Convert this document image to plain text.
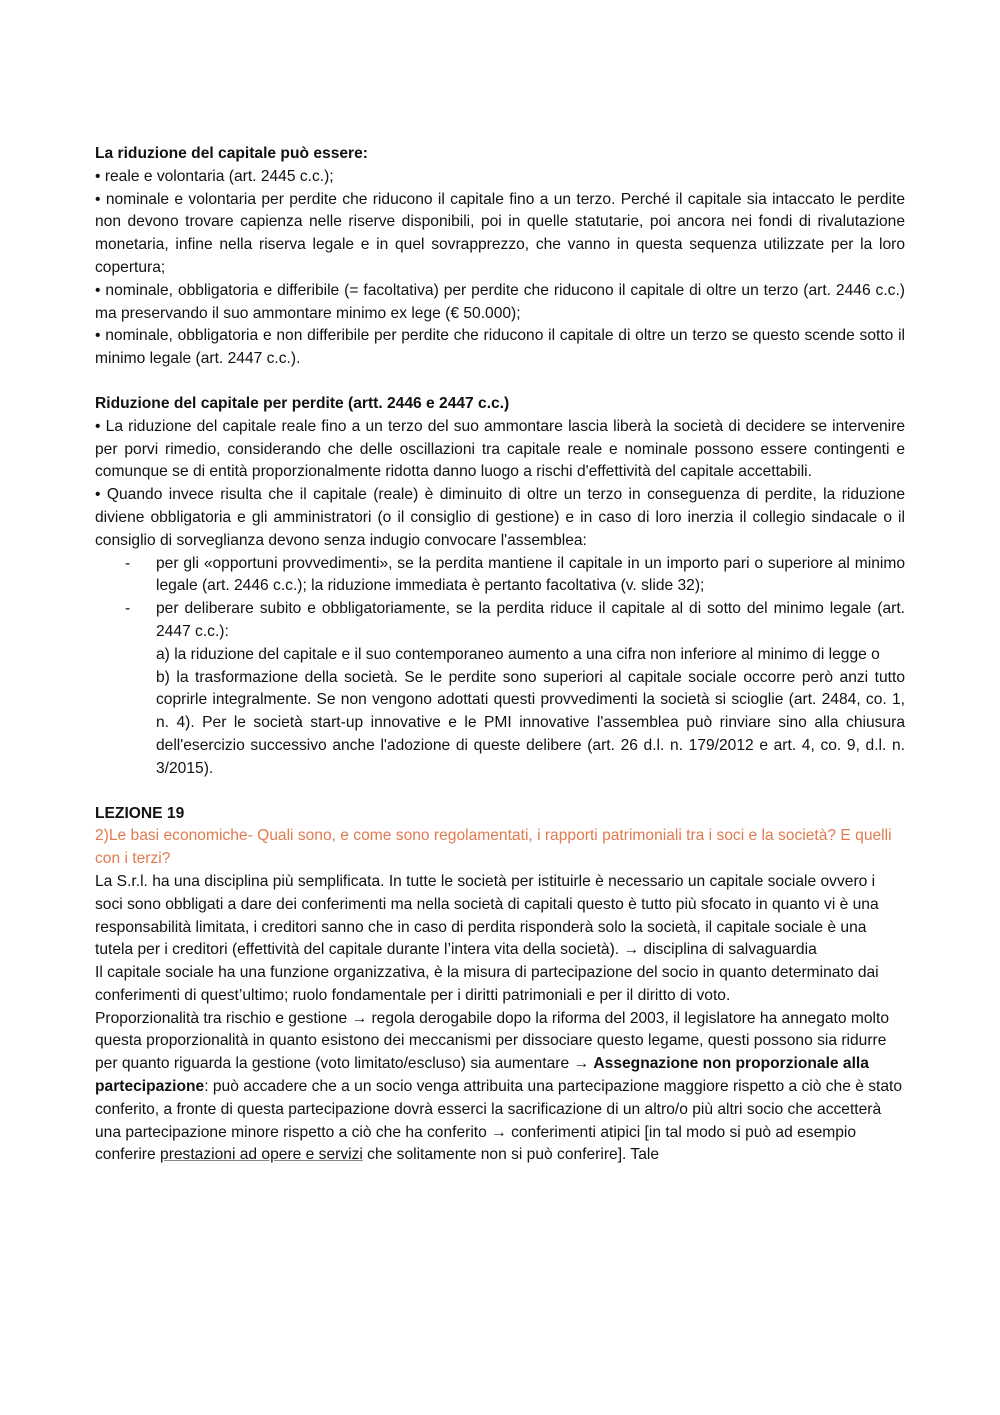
La riduzione del capitale può essere:

• reale e volontaria (art. 2445 c.c.);

• nominale e volontaria per perdite che riducono il capitale fino a un terzo. Perché il capitale sia intaccato le perdite non devono trovare capienza nelle riserve disponibili, poi in quelle statutarie, poi ancora nei fondi di rivalutazione monetaria, infine nella riserva legale e in quel sovrapprezzo, che vanno in questa sequenza utilizzate per la loro copertura;

• nominale, obbligatoria e differibile (= facoltativa) per perdite che riducono il capitale di oltre un terzo (art. 2446 c.c.) ma preservando il suo ammontare minimo ex lege (€ 50.000);

• nominale, obbligatoria e non differibile per perdite che riducono il capitale di oltre un terzo se questo scende sotto il minimo legale (art. 2447 c.c.).

Riduzione del capitale per perdite (artt. 2446 e 2447 c.c.)

• La riduzione del capitale reale fino a un terzo del suo ammontare lascia liberà la società di decidere se intervenire per porvi rimedio, considerando che delle oscillazioni tra capitale reale e nominale possono essere contingenti e comunque se di entità proporzionalmente ridotta danno luogo a rischi d'effettività del capitale accettabili.

• Quando invece risulta che il capitale (reale) è diminuito di oltre un terzo in conseguenza di perdite, la riduzione diviene obbligatoria e gli amministratori (o il consiglio di gestione) e in caso di loro inerzia il collegio sindacale o il consiglio di sorveglianza devono senza indugio convocare l'assemblea:

- per gli «opportuni provvedimenti», se la perdita mantiene il capitale in un importo pari o superiore al minimo legale (art. 2446 c.c.); la riduzione immediata è pertanto facoltativa (v. slide 32);

- per deliberare subito e obbligatoriamente, se la perdita riduce il capitale al di sotto del minimo legale (art. 2447 c.c.):

a) la riduzione del capitale e il suo contemporaneo aumento a una cifra non inferiore al minimo di legge o

b) la trasformazione della società. Se le perdite sono superiori al capitale sociale occorre però anzi tutto coprirle integralmente. Se non vengono adottati questi provvedimenti la società si scioglie (art. 2484, co. 1, n. 4). Per le società start-up innovative e le PMI innovative l'assemblea può rinviare sino alla chiusura dell'esercizio successivo anche l'adozione di queste delibere (art. 26 d.l. n. 179/2012 e art. 4, co. 9, d.l. n. 3/2015).

LEZIONE 19

2)Le basi economiche- Quali sono, e come sono regolamentati, i rapporti patrimoniali tra i soci e la società? E quelli con i terzi?

La S.r.l. ha una disciplina più semplificata. In tutte le società per istituirle è necessario un capitale sociale ovvero i soci sono obbligati a dare dei conferimenti ma nella società di capitali questo è tutto più sfocato in quanto vi è una responsabilità limitata, i creditori sanno che in caso di perdita risponderà solo la società, il capitale sociale è una tutela per i creditori (effettività del capitale durante l’intera vita della società). → disciplina di salvaguardia

Il capitale sociale ha una funzione organizzativa, è la misura di partecipazione del socio in quanto determinato dai conferimenti di quest’ultimo; ruolo fondamentale per i diritti patrimoniali e per il diritto di voto.

Proporzionalità tra rischio e gestione → regola derogabile dopo la riforma del 2003, il legislatore ha annegato molto questa proporzionalità in quanto esistono dei meccanismi per dissociare questo legame, questi possono sia ridurre per quanto riguarda la gestione (voto limitato/escluso) sia aumentare → Assegnazione non proporzionale alla partecipazione: può accadere che a un socio venga attribuita una partecipazione maggiore rispetto a ciò che è stato conferito, a fronte di questa partecipazione dovrà esserci la sacrificazione di un altro/o più altri socio che accetterà una partecipazione minore rispetto a ciò che ha conferito → conferimenti atipici [in tal modo si può ad esempio conferire prestazioni ad opere e servizi che solitamente non si può conferire]. Tale
